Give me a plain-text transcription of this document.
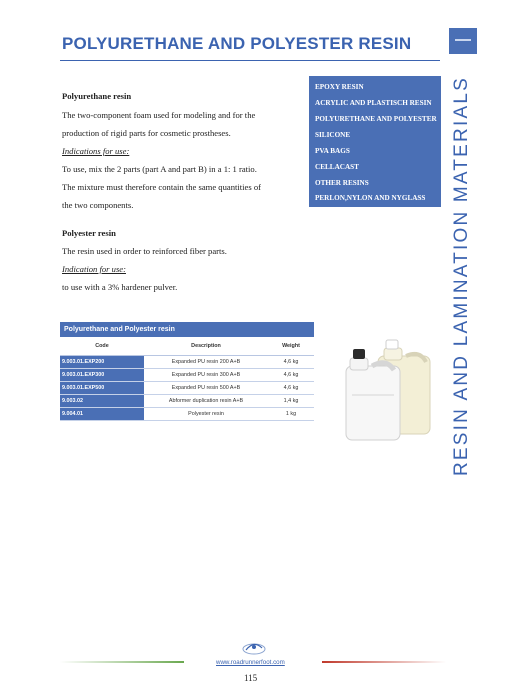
POLYURETHANE AND POLYESTER RESIN
RESIN AND LAMINATION MATERIALS
EPOXY RESIN
ACRYLIC AND PLASTISCH RESIN
POLYURETHANE AND POLYESTER
SILICONE
PVA BAGS
CELLACAST
OTHER RESINS
PERLON,NYLON AND NYGLASS
Polyurethane resin
The two-component foam used for modeling and for the
production of rigid parts for cosmetic prostheses.
Indications for use:
To use, mix the 2 parts (part A and part B) in a 1: 1 ratio.
The mixture must therefore contain the same quantities of
the two components.
Polyester resin
The resin used in order to reinforced fiber parts.
Indication for use:
to use with a 3% hardener pulver.
Polyurethane and Polyester resin
Code	Description	Weight
9.003.01.EXP200	Expanded PU resin 200 A+B	4,6 kg
9.003.01.EXP300	Expanded PU resin 300 A+B	4,6 kg
9.003.01.EXP500	Expanded PU resin 500 A+B	4,6 kg
9.003.02	Abformer duplication resin A+B	1,4 kg
9.004.01	Polyester resin	1 kg
www.roadrunnerfoot.com
115
